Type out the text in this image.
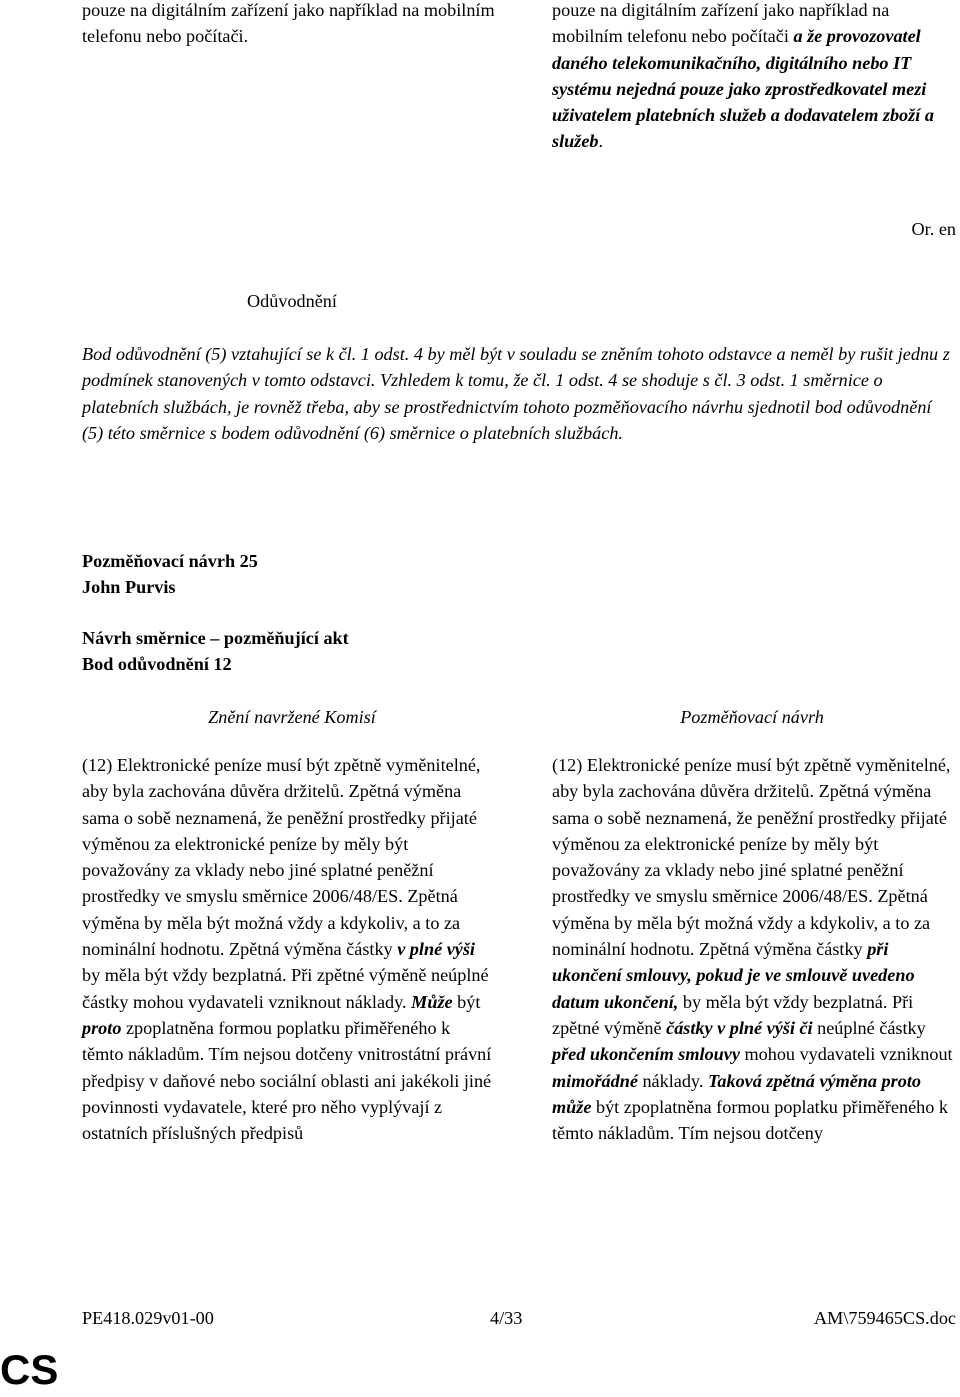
pouze na digitálním zařízení jako například na mobilním telefonu nebo počítači.

pouze na digitálním zařízení jako například na mobilním telefonu nebo počítači a že provozovatel daného telekomunikačního, digitálního nebo IT systému nejedná pouze jako zprostředkovatel mezi uživatelem platebních služeb a dodavatelem zboží a služeb.

Or. en
Odůvodnění
Bod odůvodnění (5) vztahující se k čl. 1 odst. 4 by měl být v souladu se zněním tohoto odstavce a neměl by rušit jednu z podmínek stanovených v tomto odstavci. Vzhledem k tomu, že čl. 1 odst. 4 se shoduje s čl. 3 odst. 1 směrnice o platebních službách, je rovněž třeba, aby se prostřednictvím tohoto pozměňovacího návrhu sjednotil bod odůvodnění (5) této směrnice s bodem odůvodnění (6) směrnice o platebních službách.
Pozměňovací návrh 25
John Purvis
Návrh směrnice – pozměňující akt
Bod odůvodnění 12
Znění navržené Komisí	Pozměňovací návrh

(12) Elektronické peníze musí být zpětně vyměnitelné, aby byla zachována důvěra držitelů. Zpětná výměna sama o sobě neznamená, že peněžní prostředky přijaté výměnou za elektronické peníze by měly být považovány za vklady nebo jiné splatné peněžní prostředky ve smyslu směrnice 2006/48/ES. Zpětná výměna by měla být možná vždy a kdykoliv, a to za nominální hodnotu. Zpětná výměna částky v plné výši by měla být vždy bezplatná. Při zpětné výměně neúplné částky mohou vydavateli vzniknout náklady. Může být proto zpoplatněna formou poplatku přiměřeného k těmto nákladům. Tím nejsou dotčeny vnitrostátní právní předpisy v daňové nebo sociální oblasti ani jakékoli jiné povinnosti vydavatele, které pro něho vyplývají z ostatních příslušných předpisů

(12) Elektronické peníze musí být zpětně vyměnitelné, aby byla zachována důvěra držitelů. Zpětná výměna sama o sobě neznamená, že peněžní prostředky přijaté výměnou za elektronické peníze by měly být považovány za vklady nebo jiné splatné peněžní prostředky ve smyslu směrnice 2006/48/ES. Zpětná výměna by měla být možná vždy a kdykoliv, a to za nominální hodnotu. Zpětná výměna částky při ukončení smlouvy, pokud je ve smlouvě uvedeno datum ukončení, by měla být vždy bezplatná. Při zpětné výměně částky v plné výši či neúplné částky před ukončením smlouvy mohou vydavateli vzniknout mimořádné náklady. Taková zpětná výměna proto může být zpoplatněna formou poplatku přiměřeného k těmto nákladům. Tím nejsou dotčeny

PE418.029v01-00	4/33	AM\759465CS.doc
CS
